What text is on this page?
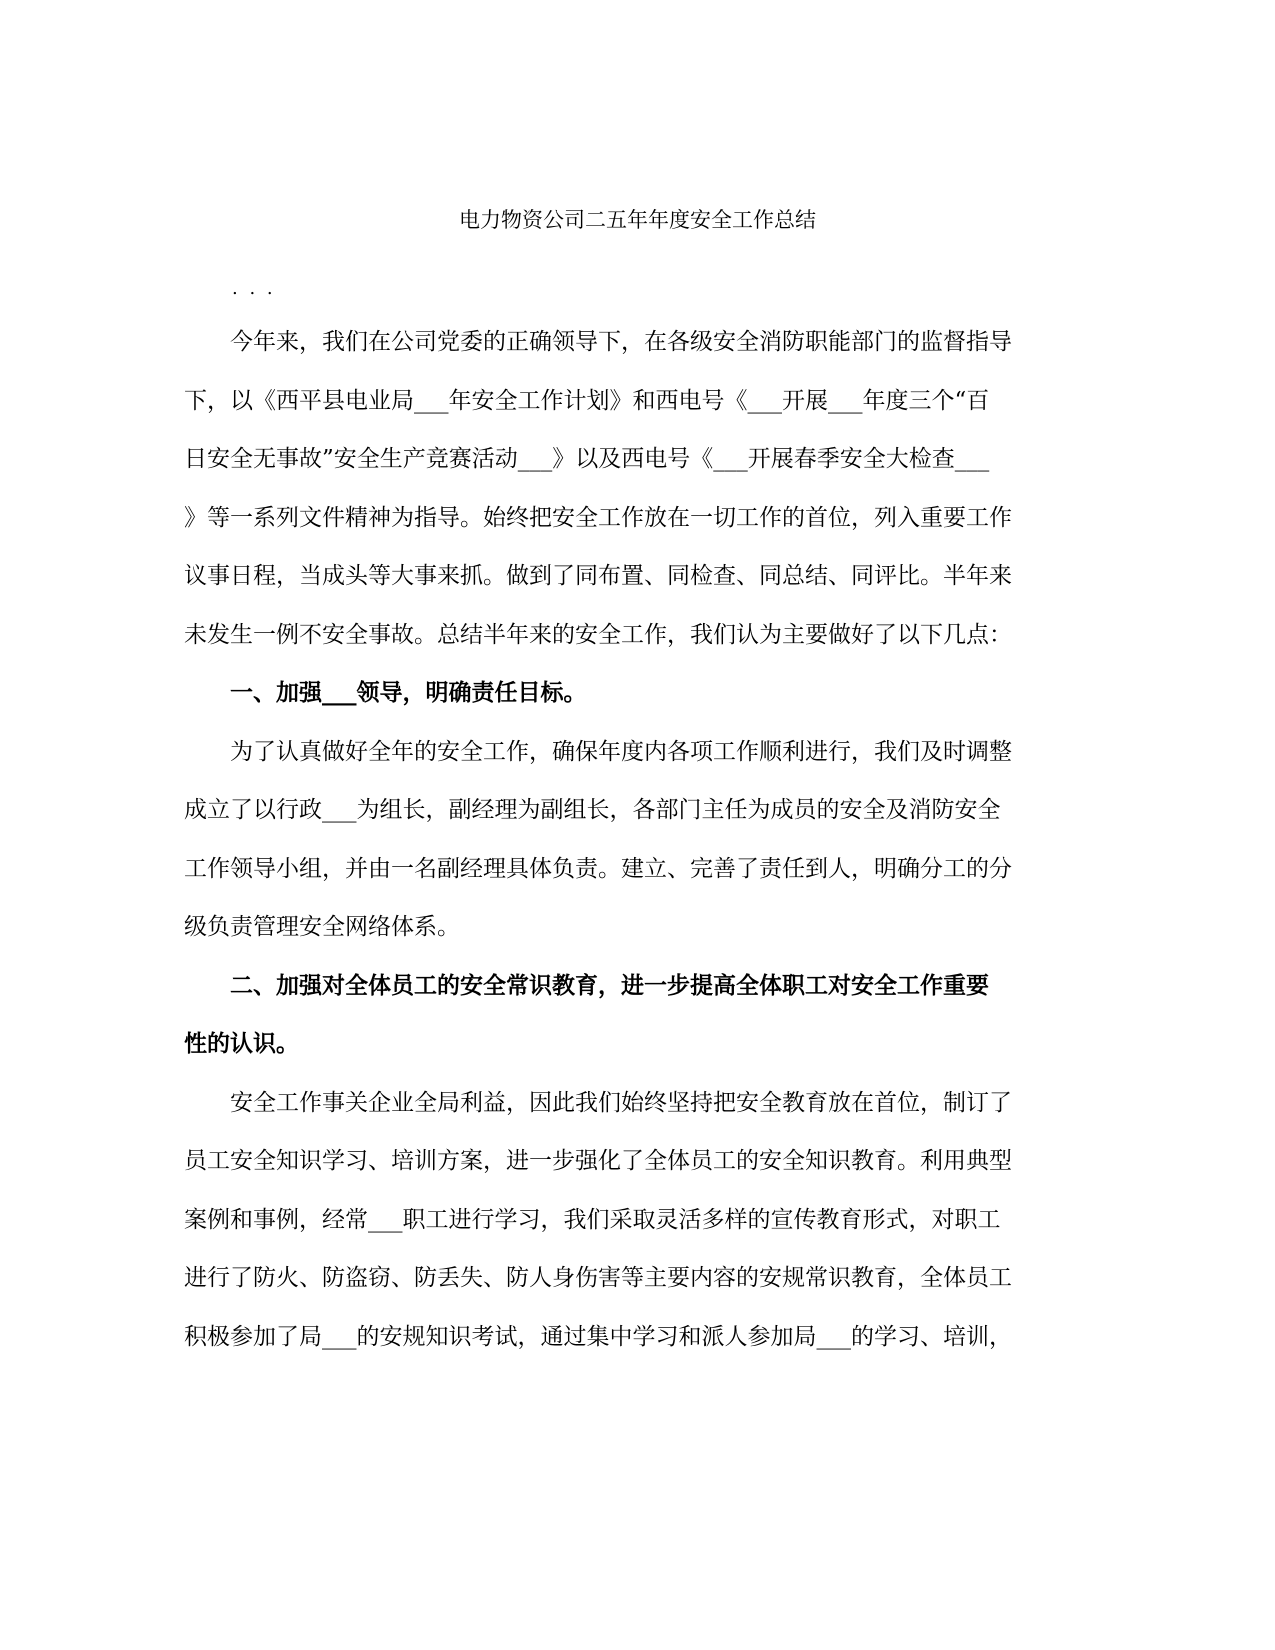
电力物资公司二五年年度安全工作总结
. . .
今年来，我们在公司党委的正确领导下，在各级安全消防职能部门的监督指导
下，以《西平县电业局___年安全工作计划》和西电号《___开展___年度三个“百
日安全无事故”安全生产竞赛活动___》以及西电号《___开展春季安全大检查___
》等一系列文件精神为指导。始终把安全工作放在一切工作的首位，列入重要工作
议事日程，当成头等大事来抓。做到了同布置、同检查、同总结、同评比。半年来
未发生一例不安全事故。总结半年来的安全工作，我们认为主要做好了以下几点：
一、加强___领导，明确责任目标。
为了认真做好全年的安全工作，确保年度内各项工作顺利进行，我们及时调整
成立了以行政___为组长，副经理为副组长，各部门主任为成员的安全及消防安全
工作领导小组，并由一名副经理具体负责。建立、完善了责任到人，明确分工的分
级负责管理安全网络体系。
二、加强对全体员工的安全常识教育，进一步提高全体职工对安全工作重要
性的认识。
安全工作事关企业全局利益，因此我们始终坚持把安全教育放在首位，制订了
员工安全知识学习、培训方案，进一步强化了全体员工的安全知识教育。利用典型
案例和事例，经常___职工进行学习，我们采取灵活多样的宣传教育形式，对职工
进行了防火、防盗窃、防丢失、防人身伤害等主要内容的安规常识教育，全体员工
积极参加了局___的安规知识考试，通过集中学习和派人参加局___的学习、培训，
